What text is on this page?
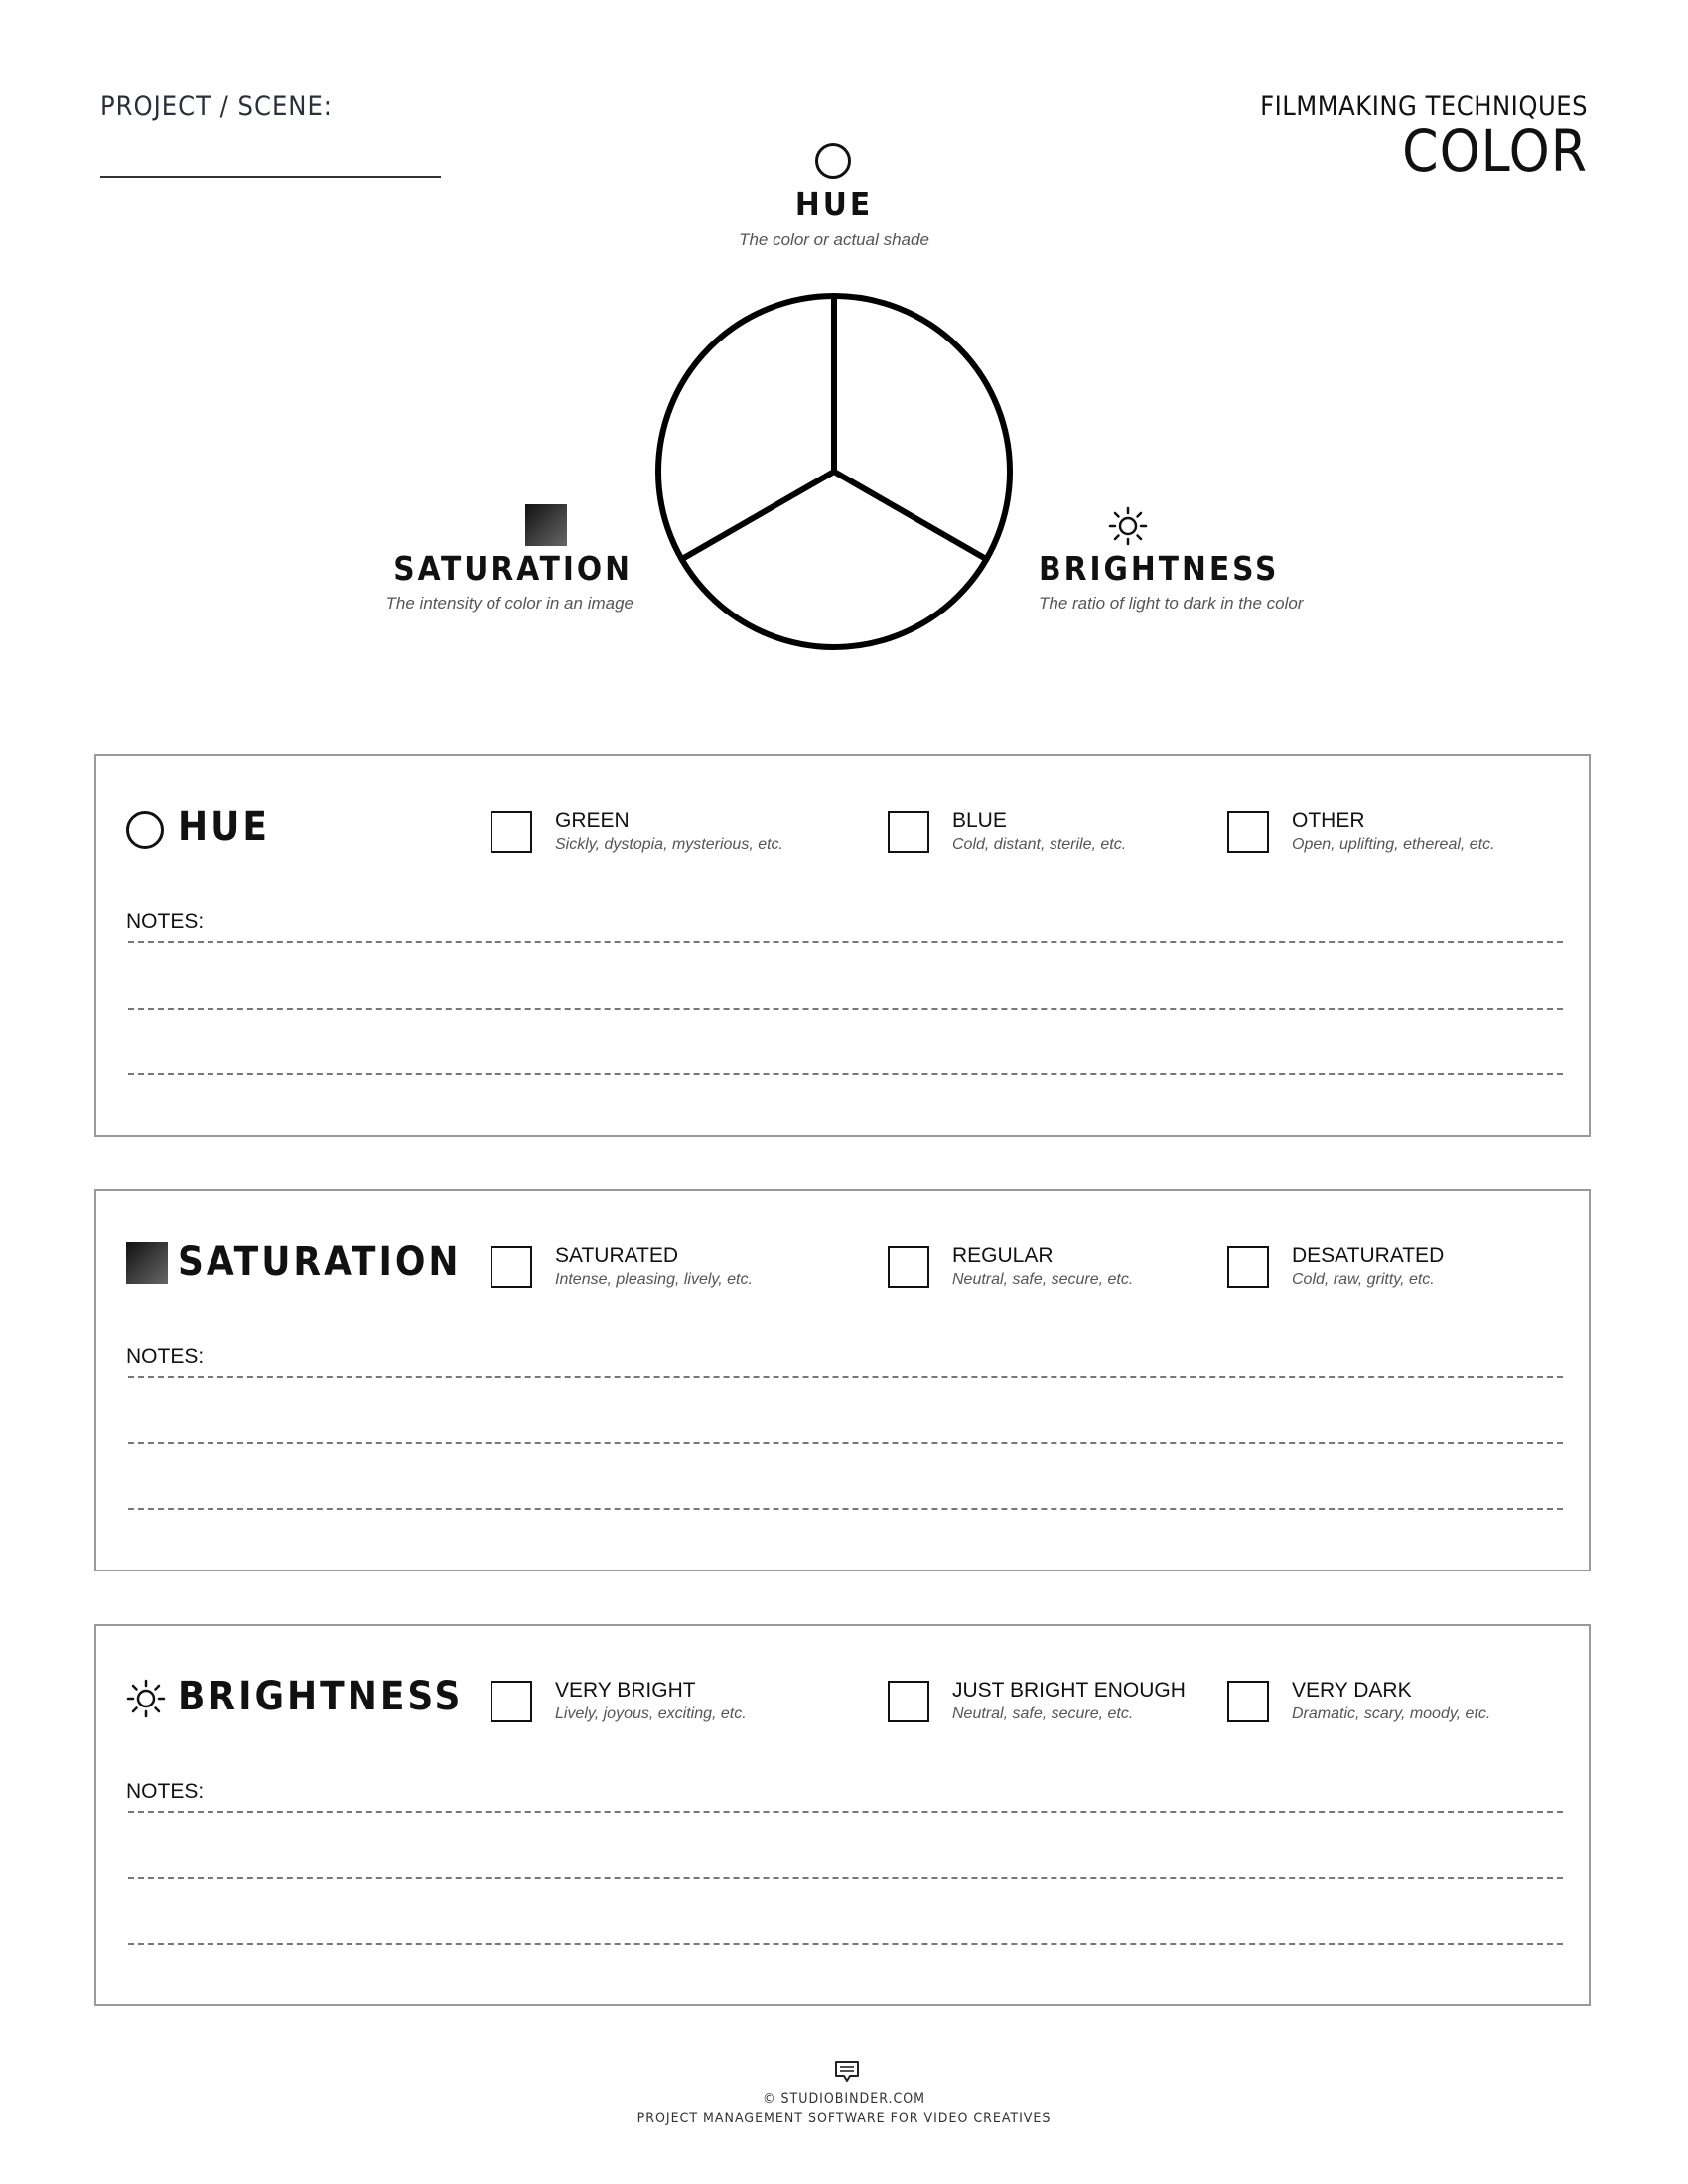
PROJECT / SCENE:	FILMMAKING TECHNIQUES
COLOR
HUE
The color or actual shade
SATURATION
The intensity of color in an image
BRIGHTNESS
The ratio of light to dark in the color
HUE	GREEN
Sickly, dystopia, mysterious, etc.
BLUE
Cold, distant, sterile, etc.
OTHER
Open, uplifting, ethereal, etc.
NOTES:
SATURATION	SATURATED
Intense, pleasing, lively, etc.
REGULAR
Neutral, safe, secure, etc.
DESATURATED
Cold, raw, gritty, etc.
NOTES:
BRIGHTNESS	VERY BRIGHT
Lively, joyous, exciting, etc.
JUST BRIGHT ENOUGH
Neutral, safe, secure, etc.
VERY DARK
Dramatic, scary, moody, etc.
NOTES:
© STUDIOBINDER.COM
PROJECT MANAGEMENT SOFTWARE FOR VIDEO CREATIVES
